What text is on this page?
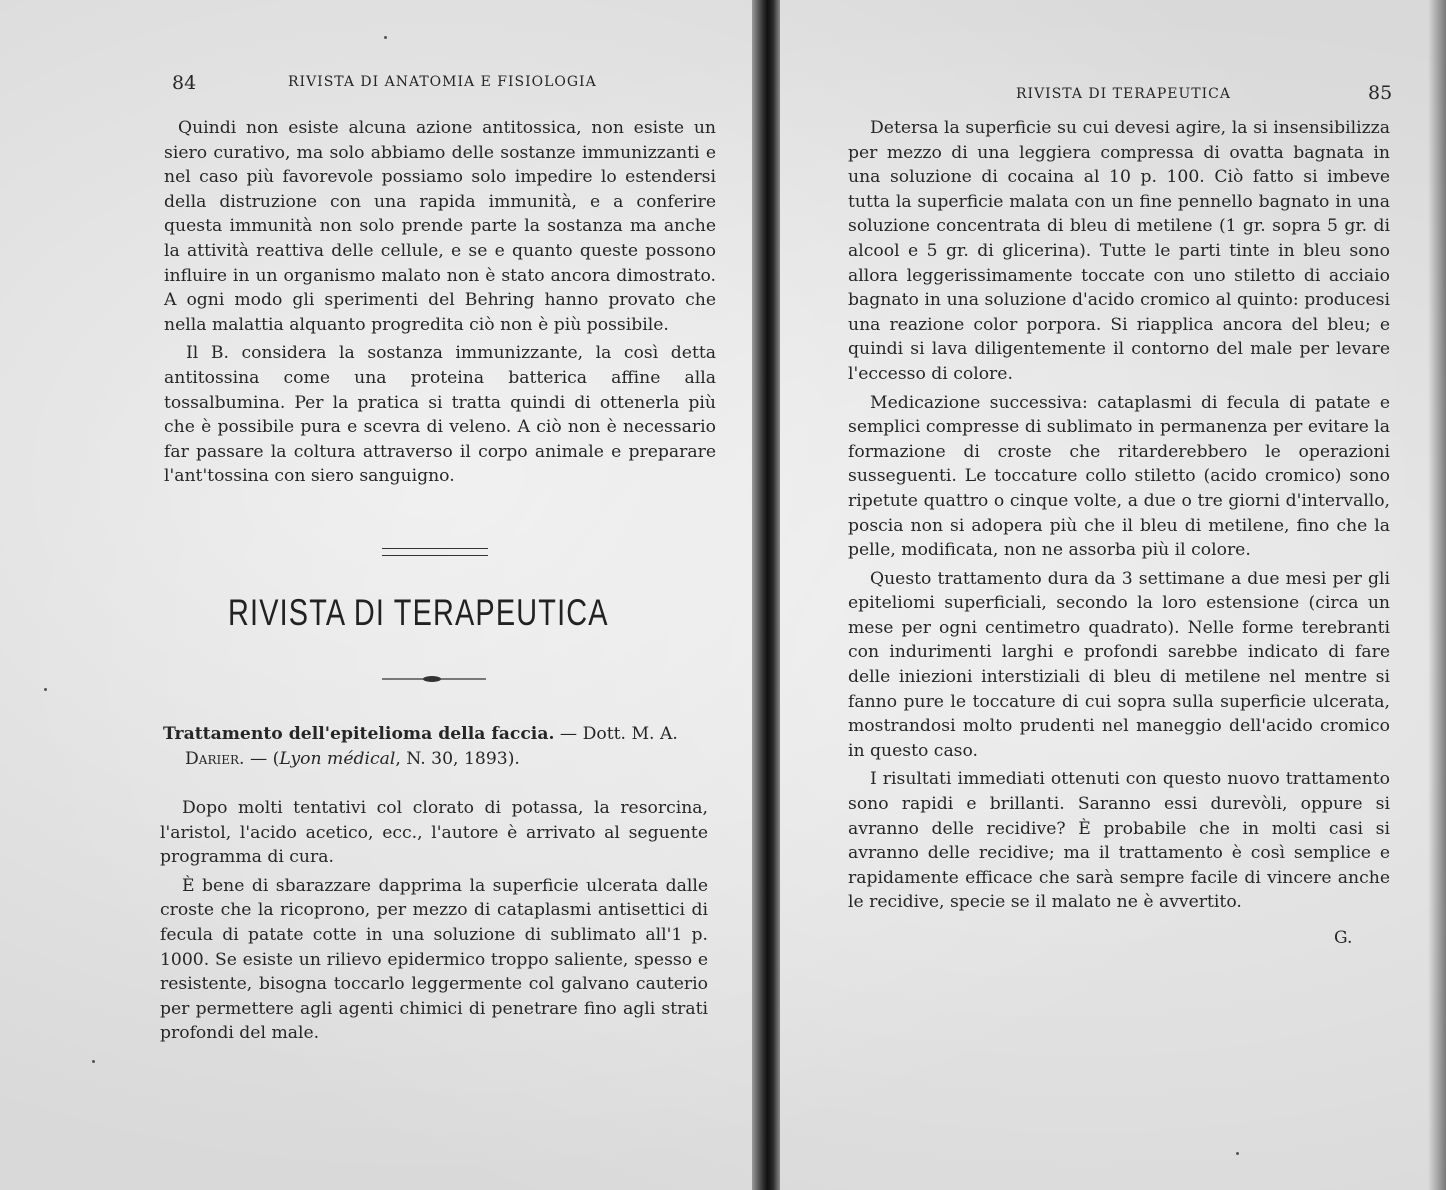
84	RIVISTA DI ANATOMIA E FISIOLOGIA

Quindi non esiste alcuna azione antitossica, non esiste un siero curativo, ma solo abbiamo delle sostanze immunizzanti e nel caso più favorevole possiamo solo impedire lo estendersi della distruzione con una rapida immunità, e a conferire questa immunità non solo prende parte la sostanza ma anche la attività reattiva delle cellule, e se e quanto queste possono influire in un organismo malato non è stato ancora dimostrato. A ogni modo gli sperimenti del Behring hanno provato che nella malattia alquanto progredita ciò non è più possibile.

Il B. considera la sostanza immunizzante, la così detta antitossina come una proteina batterica affine alla tossalbumina. Per la pratica si tratta quindi di ottenerla più che è possibile pura e scevra di veleno. A ciò non è necessario far passare la coltura attraverso il corpo animale e preparare l'ant'tossina con siero sanguigno.

RIVISTA DI TERAPEUTICA
Trattamento dell'epitelioma della faccia. — Dott. M. A.
Darier. — (Lyon médical, N. 30, 1893).

Dopo molti tentativi col clorato di potassa, la resorcina, l'aristol, l'acido acetico, ecc., l'autore è arrivato al seguente programma di cura.

È bene di sbarazzare dapprima la superficie ulcerata dalle croste che la ricoprono, per mezzo di cataplasmi antisettici di fecula di patate cotte in una soluzione di sublimato all'1 p. 1000. Se esiste un rilievo epidermico troppo saliente, spesso e resistente, bisogna toccarlo leggermente col galvano cauterio per permettere agli agenti chimici di penetrare fino agli strati profondi del male.

RIVISTA DI TERAPEUTICA	85

Detersa la superficie su cui devesi agire, la si insensibilizza per mezzo di una leggiera compressa di ovatta bagnata in una soluzione di cocaina al 10 p. 100. Ciò fatto si imbeve tutta la superficie malata con un fine pennello bagnato in una soluzione concentrata di bleu di metilene (1 gr. sopra 5 gr. di alcool e 5 gr. di glicerina). Tutte le parti tinte in bleu sono allora leggerissimamente toccate con uno stiletto di acciaio bagnato in una soluzione d'acido cromico al quinto: producesi una reazione color porpora. Si riapplica ancora del bleu; e quindi si lava diligentemente il contorno del male per levare l'eccesso di colore.

Medicazione successiva: cataplasmi di fecula di patate e semplici compresse di sublimato in permanenza per evitare la formazione di croste che ritarderebbero le operazioni susseguenti. Le toccature collo stiletto (acido cromico) sono ripetute quattro o cinque volte, a due o tre giorni d'intervallo, poscia non si adopera più che il bleu di metilene, fino che la pelle, modificata, non ne assorba più il colore.

Questo trattamento dura da 3 settimane a due mesi per gli epiteliomi superficiali, secondo la loro estensione (circa un mese per ogni centimetro quadrato). Nelle forme terebranti con indurimenti larghi e profondi sarebbe indicato di fare delle iniezioni interstiziali di bleu di metilene nel mentre si fanno pure le toccature di cui sopra sulla superficie ulcerata, mostrandosi molto prudenti nel maneggio dell'acido cromico in questo caso.

I risultati immediati ottenuti con questo nuovo trattamento sono rapidi e brillanti. Saranno essi durevòli, oppure si avranno delle recidive? È probabile che in molti casi si avranno delle recidive; ma il trattamento è così semplice e rapidamente efficace che sarà sempre facile di vincere anche le recidive, specie se il malato ne è avvertito.

G.
